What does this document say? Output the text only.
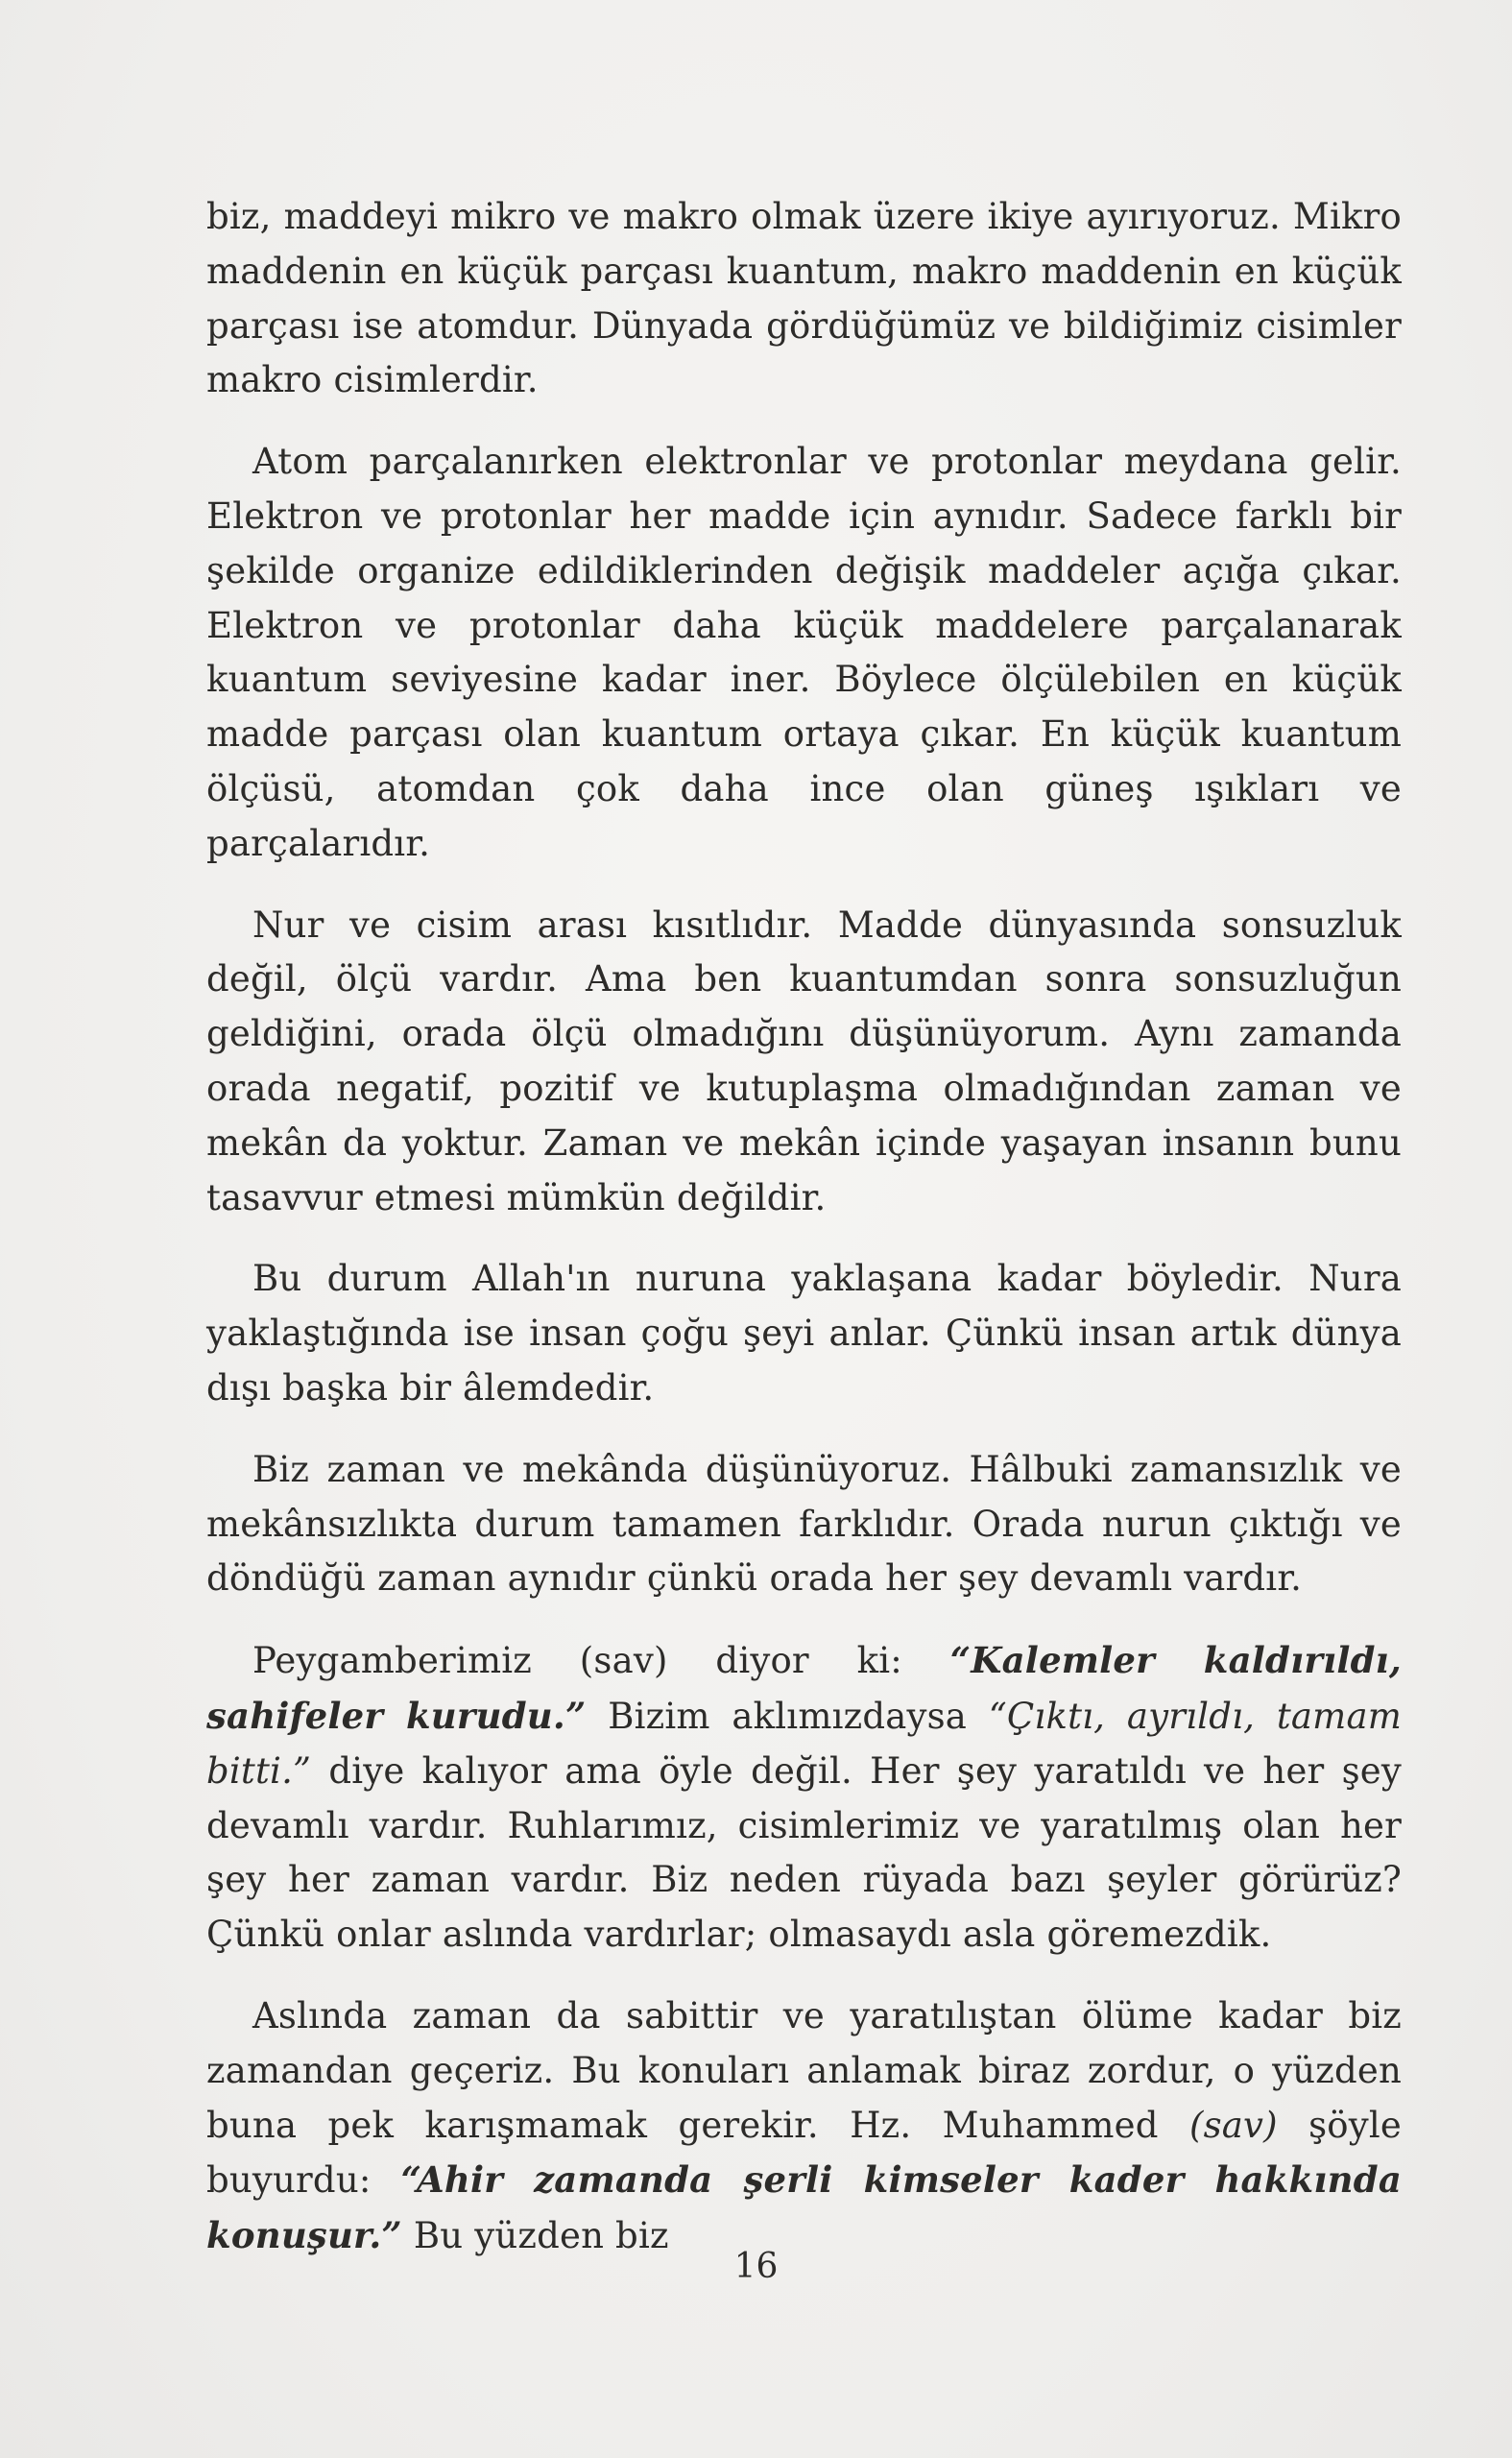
biz, maddeyi mikro ve makro olmak üzere ikiye ayırıyoruz. Mikro maddenin en küçük parçası kuantum, makro maddenin en küçük parçası ise atomdur. Dünyada gördüğümüz ve bildiğimiz cisimler makro cisimlerdir.

Atom parçalanırken elektronlar ve protonlar meydana gelir. Elektron ve protonlar her madde için aynıdır. Sadece farklı bir şekilde organize edildiklerinden değişik maddeler açığa çıkar. Elektron ve protonlar daha küçük maddelere parçalanarak kuantum seviyesine kadar iner. Böylece ölçülebilen en küçük madde parçası olan kuantum ortaya çıkar. En küçük kuantum ölçüsü, atomdan çok daha ince olan güneş ışıkları ve parçalarıdır.

Nur ve cisim arası kısıtlıdır. Madde dünyasında sonsuzluk değil, ölçü vardır. Ama ben kuantumdan sonra sonsuzluğun geldiğini, orada ölçü olmadığını düşünüyorum. Aynı zamanda orada negatif, pozitif ve kutuplaşma olmadığından zaman ve mekân da yoktur. Zaman ve mekân içinde yaşayan insanın bunu tasavvur etmesi mümkün değildir.

Bu durum Allah'ın nuruna yaklaşana kadar böyledir. Nura yaklaştığında ise insan çoğu şeyi anlar. Çünkü insan artık dünya dışı başka bir âlemdedir.

Biz zaman ve mekânda düşünüyoruz. Hâlbuki zamansızlık ve mekânsızlıkta durum tamamen farklıdır. Orada nurun çıktığı ve döndüğü zaman aynıdır çünkü orada her şey devamlı vardır.

Peygamberimiz (sav) diyor ki: “Kalemler kaldırıldı, sahifeler kurudu.” Bizim aklımızdaysa “Çıktı, ayrıldı, tamam bitti.” diye kalıyor ama öyle değil. Her şey yaratıldı ve her şey devamlı vardır. Ruhlarımız, cisimlerimiz ve yaratılmış olan her şey her zaman vardır. Biz neden rüyada bazı şeyler görürüz? Çünkü onlar aslında vardırlar; olmasaydı asla göremezdik.

Aslında zaman da sabittir ve yaratılıştan ölüme kadar biz zamandan geçeriz. Bu konuları anlamak biraz zordur, o yüzden buna pek karışmamak gerekir. Hz. Muhammed (sav) şöyle buyurdu: “Ahir zamanda şerli kimseler kader hakkında konuşur.” Bu yüzden biz

16
